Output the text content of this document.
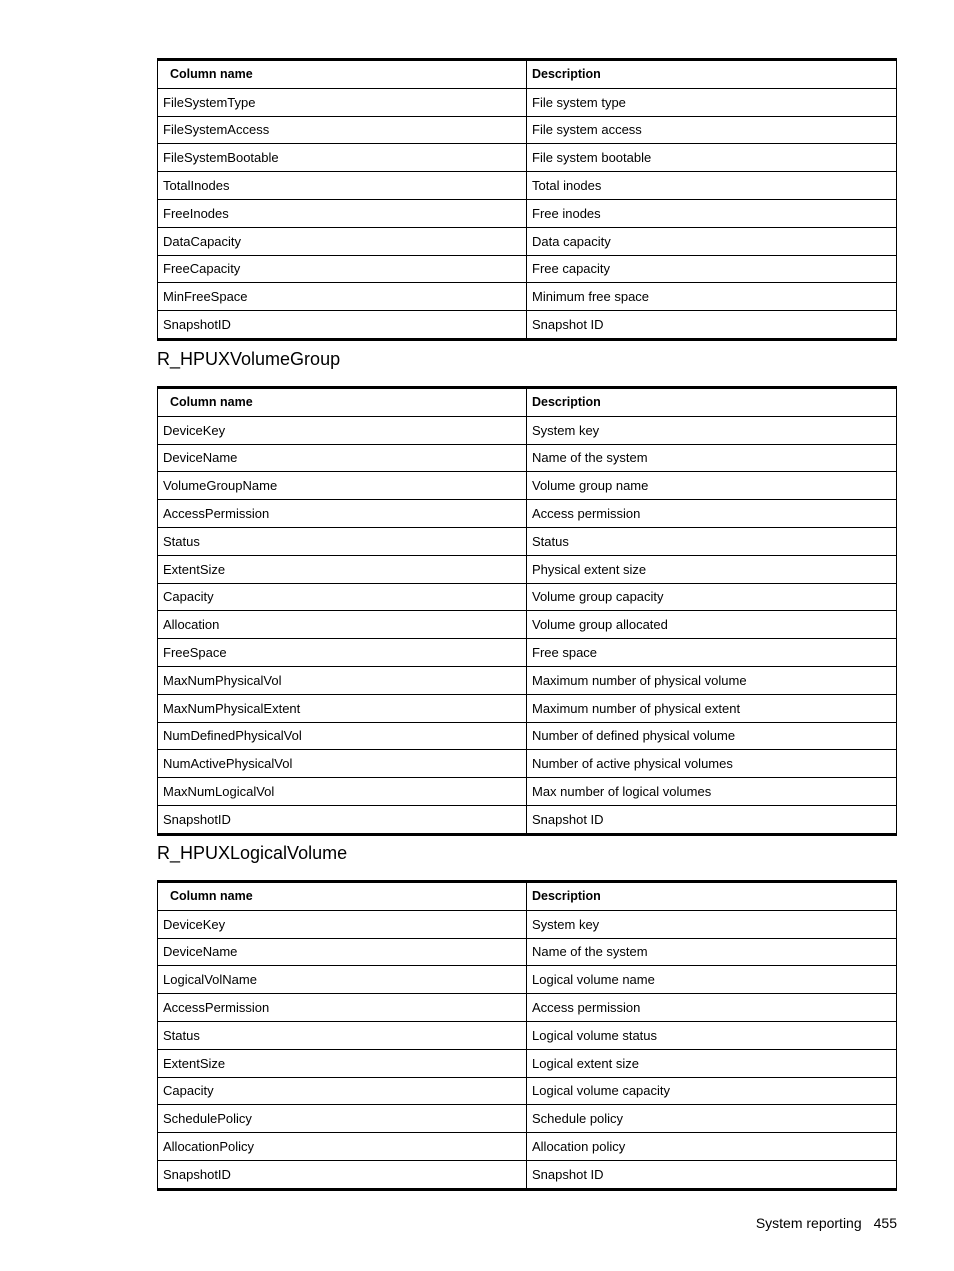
Column name	Description
FileSystemType	File system type
FileSystemAccess	File system access
FileSystemBootable	File system bootable
TotalInodes	Total inodes
FreeInodes	Free inodes
DataCapacity	Data capacity
FreeCapacity	Free capacity
MinFreeSpace	Minimum free space
SnapshotID	Snapshot ID
R_HPUXVolumeGroup
Column name	Description
DeviceKey	System key
DeviceName	Name of the system
VolumeGroupName	Volume group name
AccessPermission	Access permission
Status	Status
ExtentSize	Physical extent size
Capacity	Volume group capacity
Allocation	Volume group allocated
FreeSpace	Free space
MaxNumPhysicalVol	Maximum number of physical volume
MaxNumPhysicalExtent	Maximum number of physical extent
NumDefinedPhysicalVol	Number of defined physical volume
NumActivePhysicalVol	Number of active physical volumes
MaxNumLogicalVol	Max number of logical volumes
SnapshotID	Snapshot ID
R_HPUXLogicalVolume
Column name	Description
DeviceKey	System key
DeviceName	Name of the system
LogicalVolName	Logical volume name
AccessPermission	Access permission
Status	Logical volume status
ExtentSize	Logical extent size
Capacity	Logical volume capacity
SchedulePolicy	Schedule policy
AllocationPolicy	Allocation policy
SnapshotID	Snapshot ID
System reporting 455
